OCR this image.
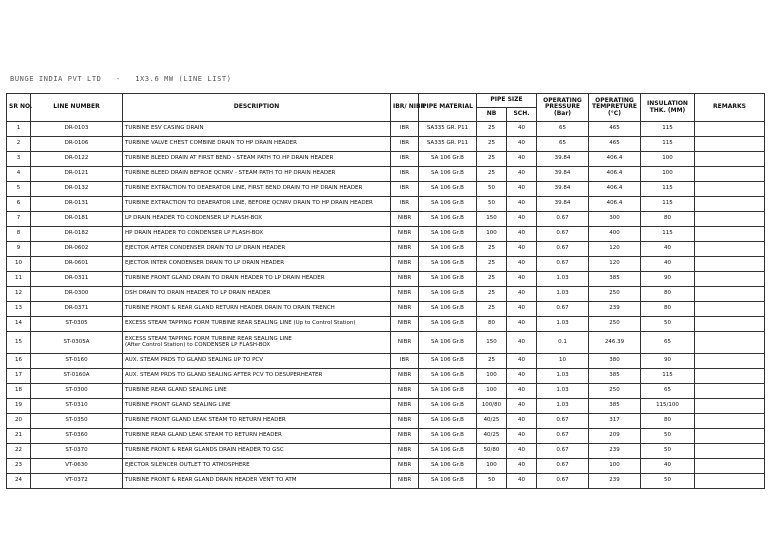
BUNGE INDIA PVT LTD - 1X3.6 MW (LINE LIST)
SR NO.	LINE NUMBER	DESCRIPTION	IBR/ NIBR	PIPE MATERIAL	PIPE SIZE		OPERATING PRESSURE (Bar)	OPERATING TEMPRETURE (°C)	INSULATION THK. (MM)	REMARKS
					NB	SCH.				
1	DR-0103	TURBINE ESV CASING DRAIN	IBR	SA335 GR. P11	25	40	65	465	115	
2	DR-0106	TURBINE VALVE CHEST COMBINE DRAIN TO HP DRAIN HEADER	IBR	SA335 GR. P11	25	40	65	465	115	
3	DR-0122	TURBINE BLEED DRAIN AT FIRST BEND - STEAM PATH TO HP DRAIN HEADER	IBR	SA 106 Gr.B	25	40	39.84	406.4	100	
4	DR-0121	TURBINE BLEED DRAIN BEFROE QCNRV - STEAM PATH TO HP DRAIN HEADER	IBR	SA 106 Gr.B	25	40	39.84	406.4	100	
5	DR-0132	TURBINE EXTRACTION TO DEAERATOR LINE, FIRST BEND DRAIN TO HP DRAIN HEADER	IBR	SA 106 Gr.B	50	40	39.84	406.4	115	
6	DR-0131	TURBINE EXTRACTION TO DEAERATOR LINE, BEFORE QCNRV DRAIN TO HP DRAIN HEADER	IBR	SA 106 Gr.B	50	40	39.84	406.4	115	
7	DR-0181	LP DRAIN HEADER TO CONDENSER LP FLASH-BOX	NIBR	SA 106 Gr.B	150	40	0.67	300	80	
8	DR-0182	HP DRAIN HEADER TO CONDENSER LP FLASH-BOX	NIBR	SA 106 Gr.B	100	40	0.67	400	115	
9	DR-0602	EJECTOR AFTER CONDENSER DRAIN TO LP DRAIN HEADER	NIBR	SA 106 Gr.B	25	40	0.67	120	40	
10	DR-0601	EJECTOR INTER CONDENSER DRAIN TO LP DRAIN HEADER	NIBR	SA 106 Gr.B	25	40	0.67	120	40	
11	DR-0311	TURBINE FRONT GLAND DRAIN TO DRAIN HEADER TO LP DRAIN HEADER	NIBR	SA 106 Gr.B	25	40	1.03	385	90	
12	DR-0300	DSH DRAIN TO DRAIN HEADER TO LP DRAIN HEADER	NIBR	SA 106 Gr.B	25	40	1.03	250	80	
13	DR-0371	TURBINE FRONT & REAR GLAND RETURN HEADER DRAIN TO DRAIN TRENCH	NIBR	SA 106 Gr.B	25	40	0.67	239	80	
14	ST-0305	EXCESS STEAM TAPPING FORM TURBINE REAR SEALING LINE (Up to Control Station)	NIBR	SA 106 Gr.B	80	40	1.03	250	50	
15	ST-0305A	EXCESS STEAM TAPPING FORM TURBINE REAR SEALING LINE
(After Control Station) to CONDENSER LP FLASH-BOX	NIBR	SA 106 Gr.B	150	40	0.1	246.39	65	
16	ST-0160	AUX. STEAM PRDS TO GLAND SEALING UP TO PCV	IBR	SA 106 Gr.B	25	40	10	380	90	
17	ST-0160A	AUX. STEAM PRDS TO GLAND SEALING AFTER PCV TO DESUPERHEATER	NIBR	SA 106 Gr.B	100	40	1.03	385	115	
18	ST-0300	TURBINE REAR GLAND SEALING LINE	NIBR	SA 106 Gr.B	100	40	1.03	250	65	
19	ST-0310	TURBINE FRONT GLAND SEALING LINE	NIBR	SA 106 Gr.B	100/80	40	1.03	385	115/100	
20	ST-0350	TURBINE FRONT GLAND LEAK STEAM TO RETURN HEADER	NIBR	SA 106 Gr.B	40/25	40	0.67	317	80	
21	ST-0360	TURBINE REAR GLAND LEAK STEAM TO RETURN HEADER	NIBR	SA 106 Gr.B	40/25	40	0.67	209	50	
22	ST-0370	TURBINE FRONT & REAR GLANDS DRAIN HEADER TO GSC	NIBR	SA 106 Gr.B	50/80	40	0.67	239	50	
23	VT-0630	EJECTOR SILENCER OUTLET TO ATMOSPHERE	NIBR	SA 106 Gr.B	100	40	0.67	100	40	
24	VT-0372	TURBINE FRONT & REAR GLAND DRAIN HEADER VENT TO ATM	NIBR	SA 106 Gr.B	50	40	0.67	239	50	
